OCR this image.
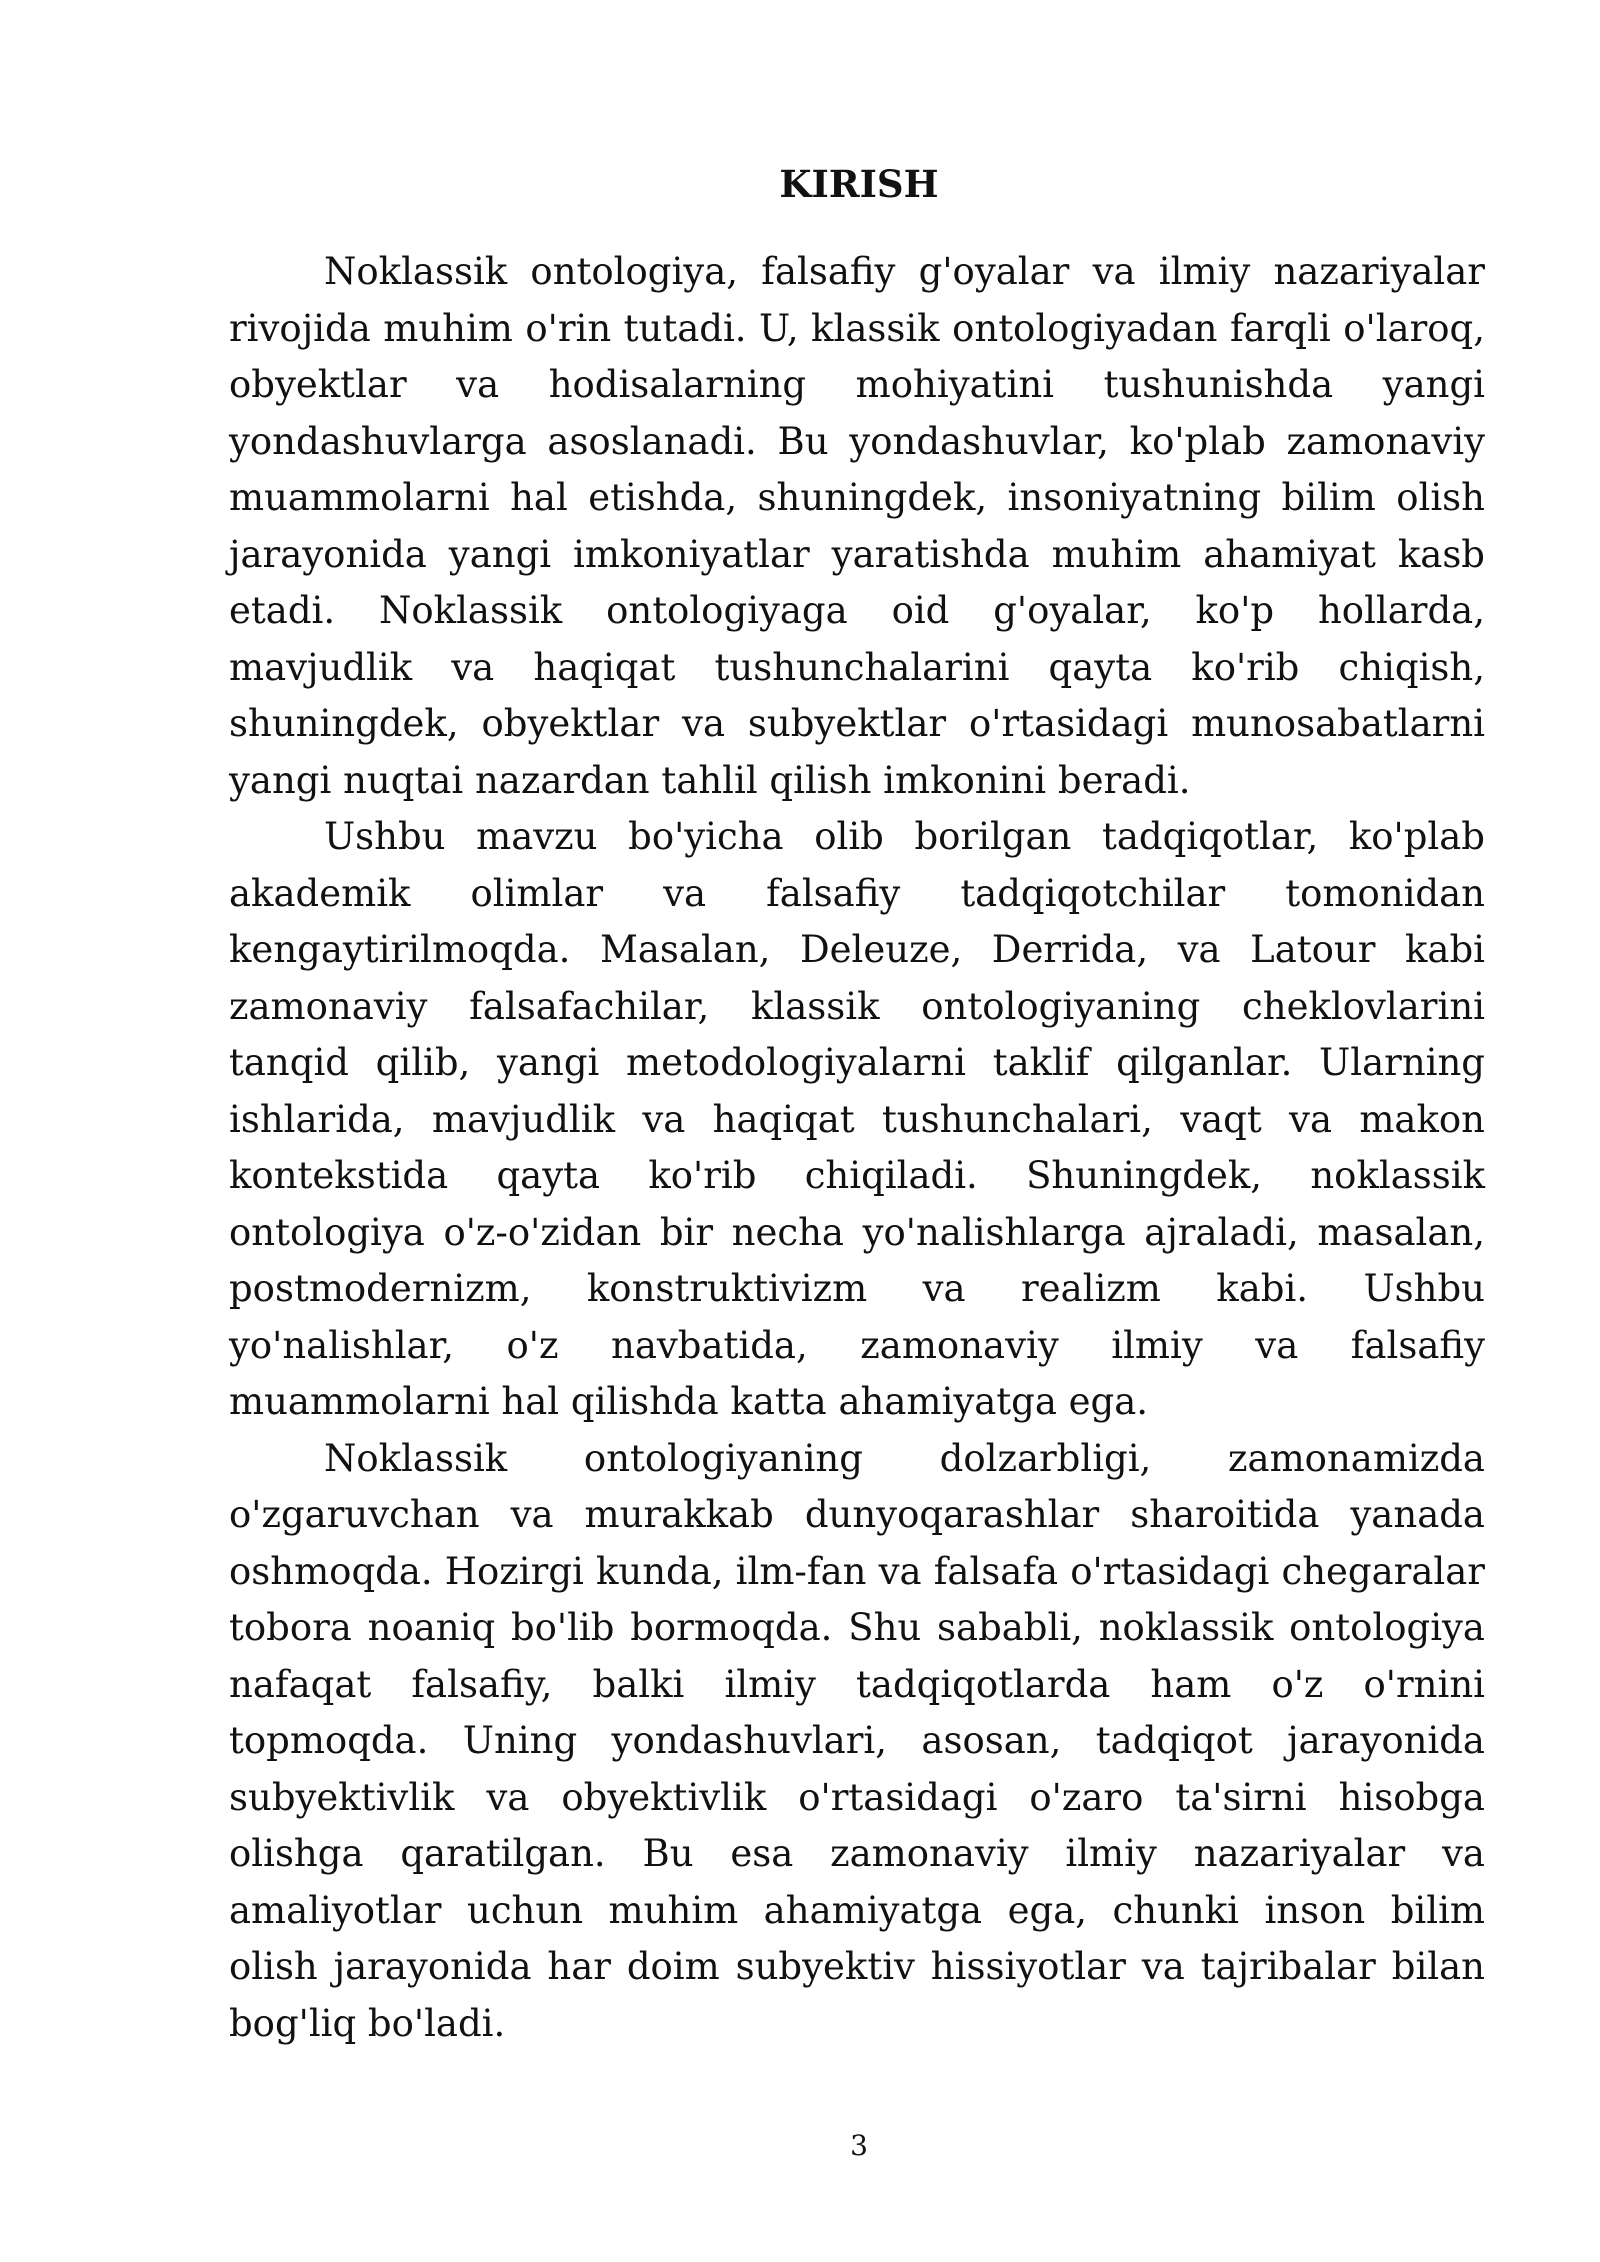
KIRISH

Noklassik ontologiya, falsafiy g'oyalar va ilmiy nazariyalar rivojida muhim o'rin tutadi. U, klassik ontologiyadan farqli o'laroq, obyektlar va hodisalarning mohiyatini tushunishda yangi yondashuvlarga asoslanadi. Bu yondashuvlar, ko'plab zamonaviy muammolarni hal etishda, shuningdek, insoniyatning bilim olish jarayonida yangi imkoniyatlar yaratishda muhim ahamiyat kasb etadi. Noklassik ontologiyaga oid g'oyalar, ko'p hollarda, mavjudlik va haqiqat tushunchalarini qayta ko'rib chiqish, shuningdek, obyektlar va subyektlar o'rtasidagi munosabatlarni yangi nuqtai nazardan tahlil qilish imkonini beradi.

Ushbu mavzu bo'yicha olib borilgan tadqiqotlar, ko'plab akademik olimlar va falsafiy tadqiqotchilar tomonidan kengaytirilmoqda. Masalan, Deleuze, Derrida, va Latour kabi zamonaviy falsafachilar, klassik ontologiyaning cheklovlarini tanqid qilib, yangi metodologiyalarni taklif qilganlar. Ularning ishlarida, mavjudlik va haqiqat tushunchalari, vaqt va makon kontekstida qayta ko'rib chiqiladi. Shuningdek, noklassik ontologiya o'z-o'zidan bir necha yo'nalishlarga ajraladi, masalan, postmodernizm, konstruktivizm va realizm kabi. Ushbu yo'nalishlar, o'z navbatida, zamonaviy ilmiy va falsafiy muammolarni hal qilishda katta ahamiyatga ega.

Noklassik ontologiyaning dolzarbligi, zamonamizda o'zgaruvchan va murakkab dunyoqarashlar sharoitida yanada oshmoqda. Hozirgi kunda, ilm-fan va falsafa o'rtasidagi chegaralar tobora noaniq bo'lib bormoqda. Shu sababli, noklassik ontologiya nafaqat falsafiy, balki ilmiy tadqiqotlarda ham o'z o'rnini topmoqda. Uning yondashuvlari, asosan, tadqiqot jarayonida subyektivlik va obyektivlik o'rtasidagi o'zaro ta'sirni hisobga olishga qaratilgan. Bu esa zamonaviy ilmiy nazariyalar va amaliyotlar uchun muhim ahamiyatga ega, chunki inson bilim olish jarayonida har doim subyektiv hissiyotlar va tajribalar bilan bog'liq bo'ladi.

3
